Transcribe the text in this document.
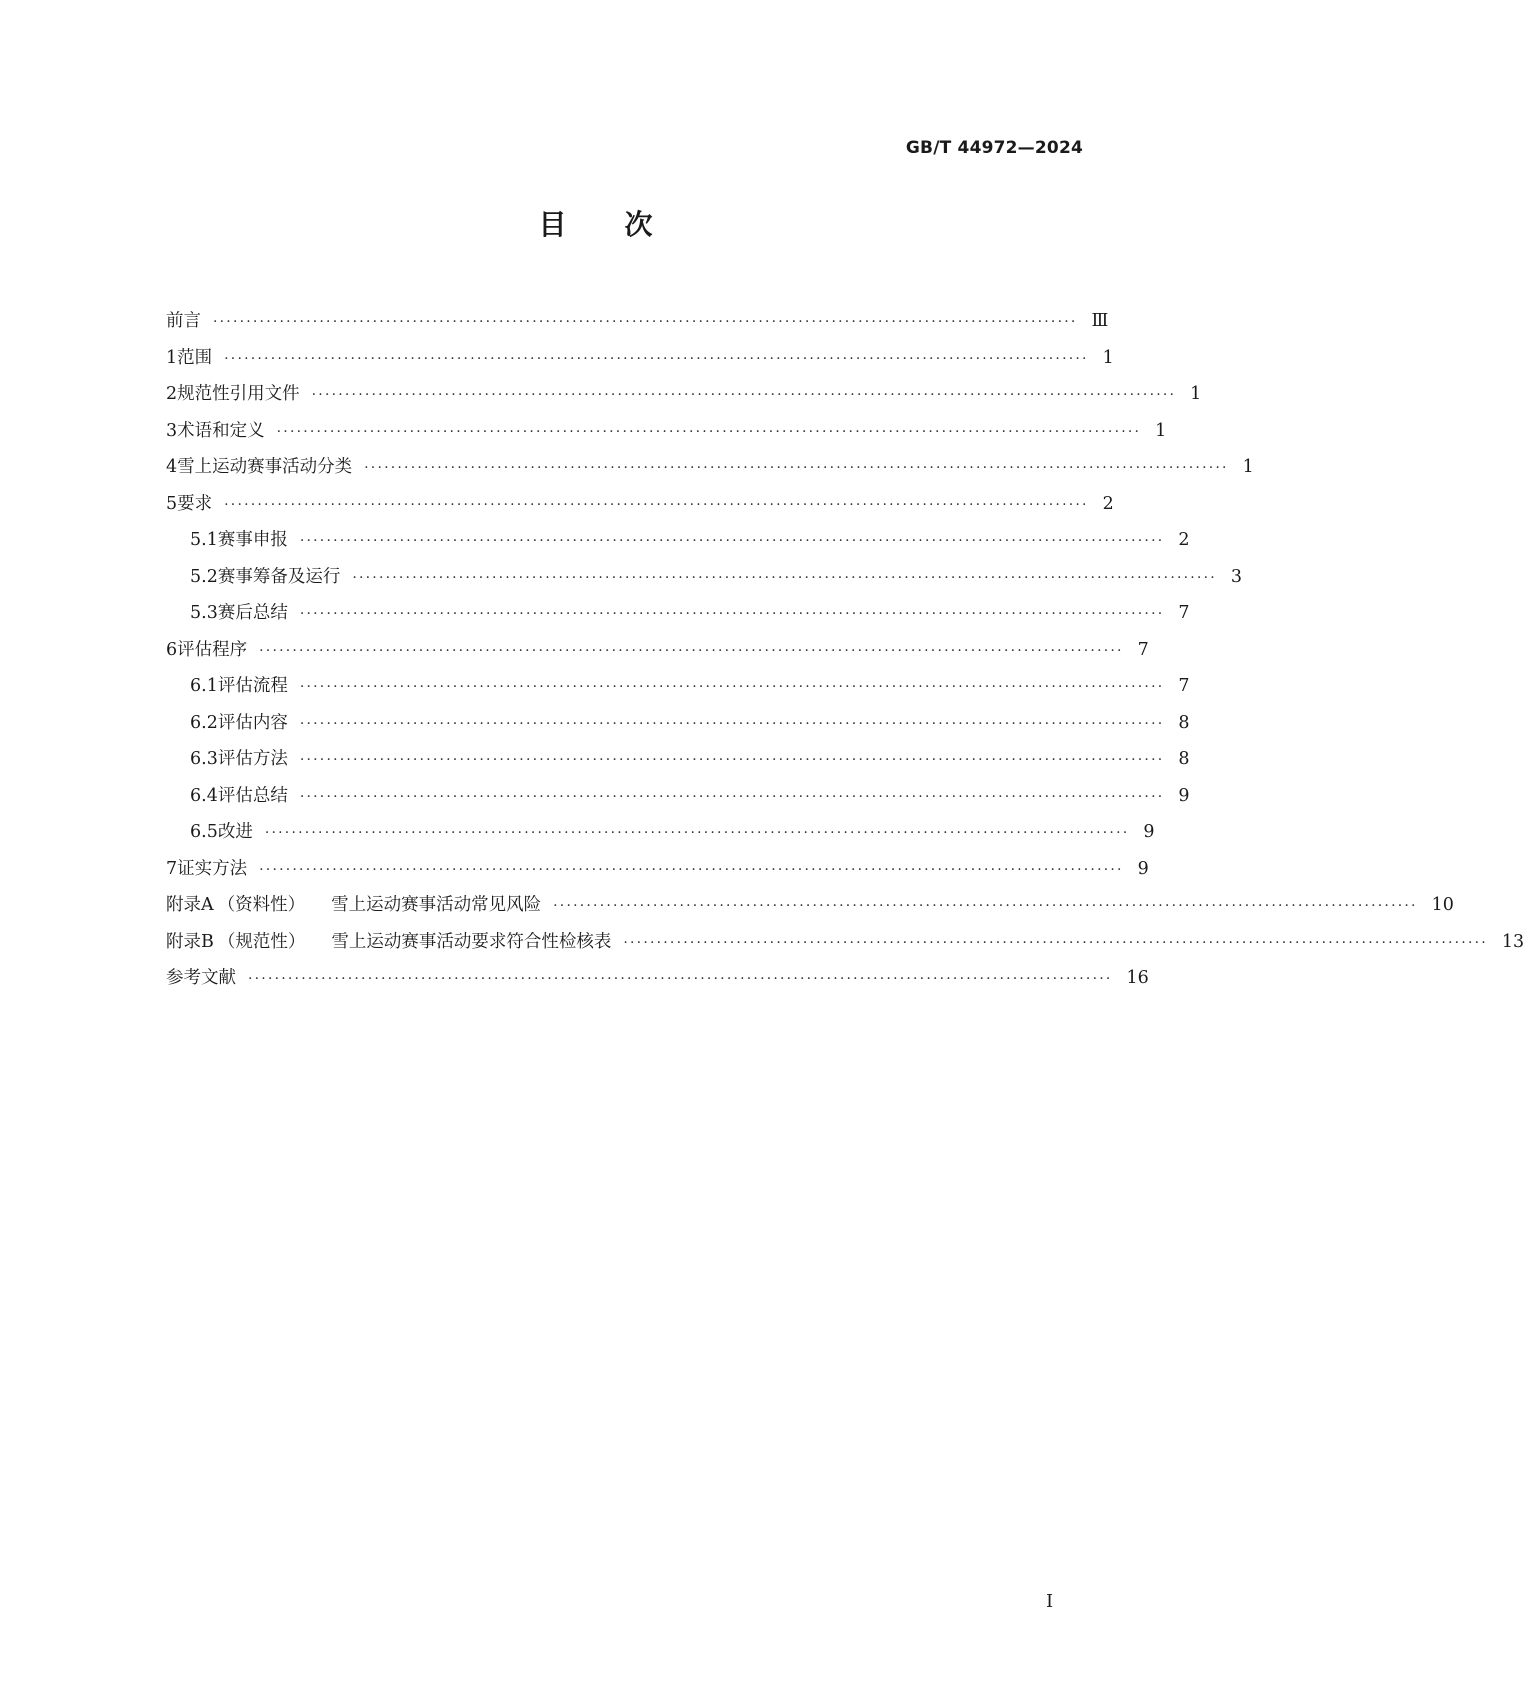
GB/T 44972—2024
目次
前言 ·································································································································· Ⅲ
1 范围 ·································································································································· 1
2 规范性引用文件 ·································································································································· 1
3 术语和定义 ·································································································································· 1
4 雪上运动赛事活动分类 ·································································································································· 1
5 要求 ·································································································································· 2
5.1 赛事申报 ·································································································································· 2
5.2 赛事筹备及运行 ·································································································································· 3
5.3 赛后总结 ·································································································································· 7
6 评估程序 ·································································································································· 7
6.1 评估流程 ·································································································································· 7
6.2 评估内容 ·································································································································· 8
6.3 评估方法 ·································································································································· 8
6.4 评估总结 ·································································································································· 9
6.5 改进 ·································································································································· 9
7 证实方法 ·································································································································· 9
附录A （资料性）	雪上运动赛事活动常见风险 ·································································································································· 10
附录B （规范性）	雪上运动赛事活动要求符合性检核表 ·································································································································· 13
参考文献 ·································································································································· 16
I
